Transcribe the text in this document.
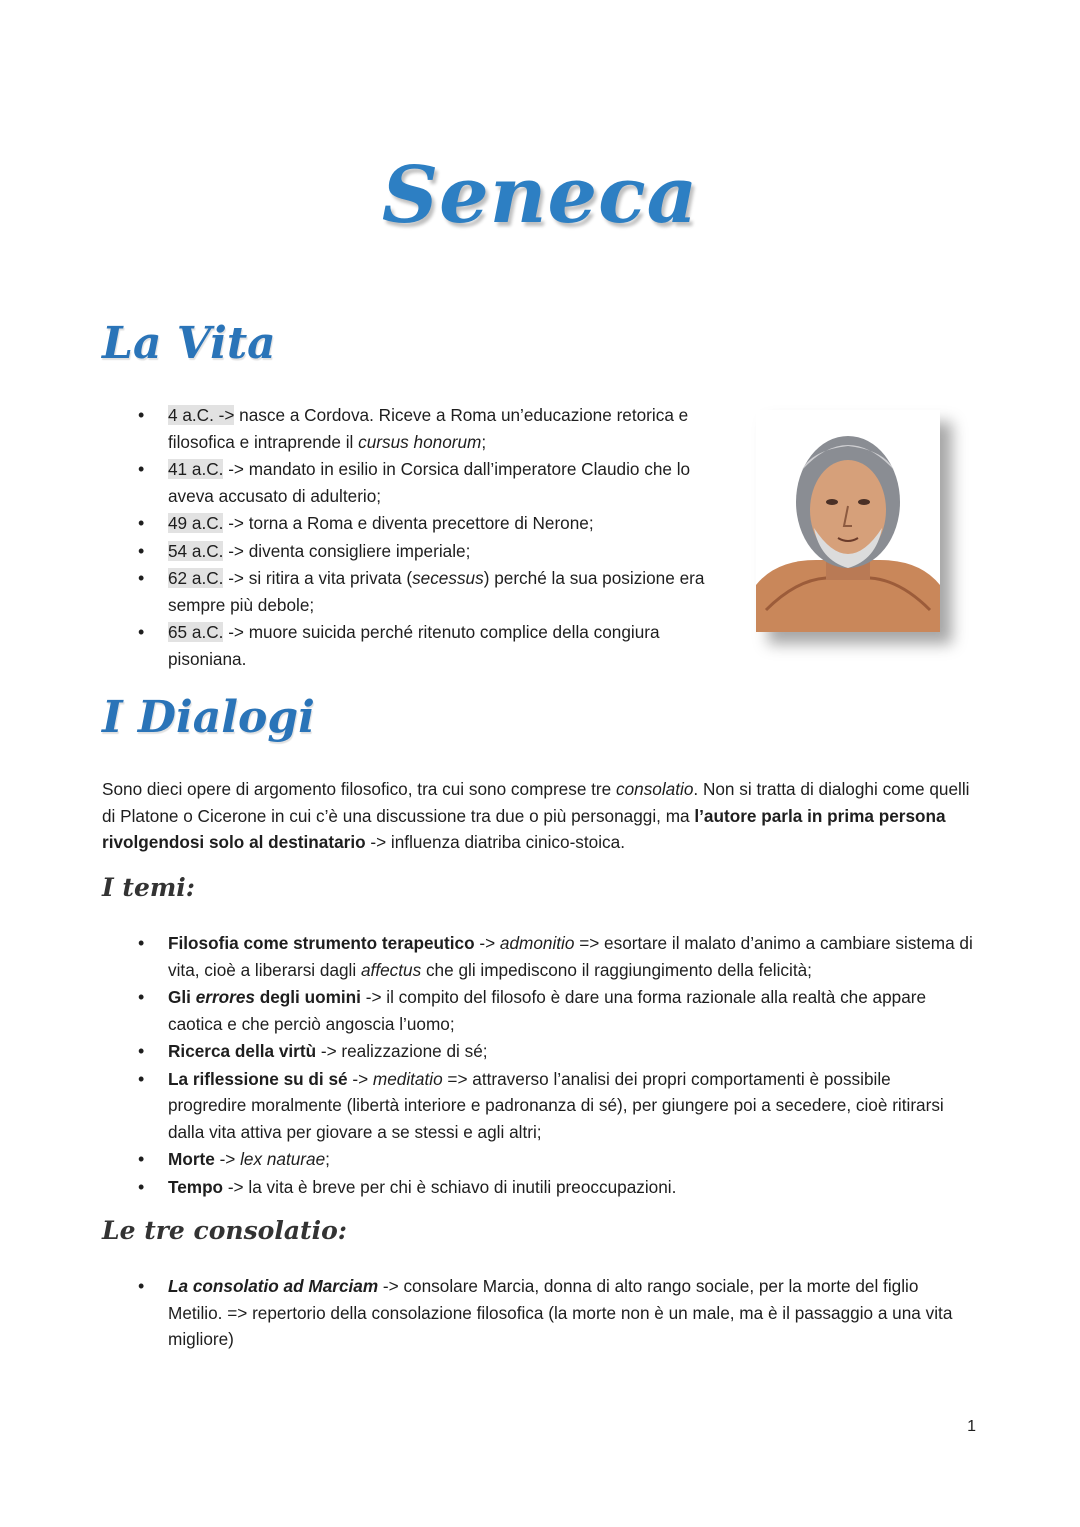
Seneca
La Vita
• 4 a.C. -> nasce a Cordova. Riceve a Roma un’educazione retorica e filosofica e intraprende il cursus honorum;
• 41 a.C. -> mandato in esilio in Corsica dall’imperatore Claudio che lo aveva accusato di adulterio;
• 49 a.C. -> torna a Roma e diventa precettore di Nerone;
• 54 a.C. -> diventa consigliere imperiale;
• 62 a.C. -> si ritira a vita privata (secessus) perché la sua posizione era sempre più debole;
• 65 a.C. -> muore suicida perché ritenuto complice della congiura pisoniana.
I Dialogi

Sono dieci opere di argomento filosofico, tra cui sono comprese tre consolatio. Non si tratta di dialoghi come quelli di Platone o Cicerone in cui c’è una discussione tra due o più personaggi, ma l’autore parla in prima persona rivolgendosi solo al destinatario -> influenza diatriba cinico-stoica.

I temi:
• Filosofia come strumento terapeutico -> admonitio => esortare il malato d’animo a cambiare sistema di vita, cioè a liberarsi dagli affectus che gli impediscono il raggiungimento della felicità;
• Gli errores degli uomini -> il compito del filosofo è dare una forma razionale alla realtà che appare caotica e che perciò angoscia l’uomo;
• Ricerca della virtù -> realizzazione di sé;
• La riflessione su di sé -> meditatio => attraverso l’analisi dei propri comportamenti è possibile progredire moralmente (libertà interiore e padronanza di sé), per giungere poi a secedere, cioè ritirarsi dalla vita attiva per giovare a se stessi e agli altri;
• Morte -> lex naturae;
• Tempo -> la vita è breve per chi è schiavo di inutili preoccupazioni.
Le tre consolatio:
• La consolatio ad Marciam -> consolare Marcia, donna di alto rango sociale, per la morte del figlio Metilio. => repertorio della consolazione filosofica (la morte non è un male, ma è il passaggio a una vita migliore)
1
